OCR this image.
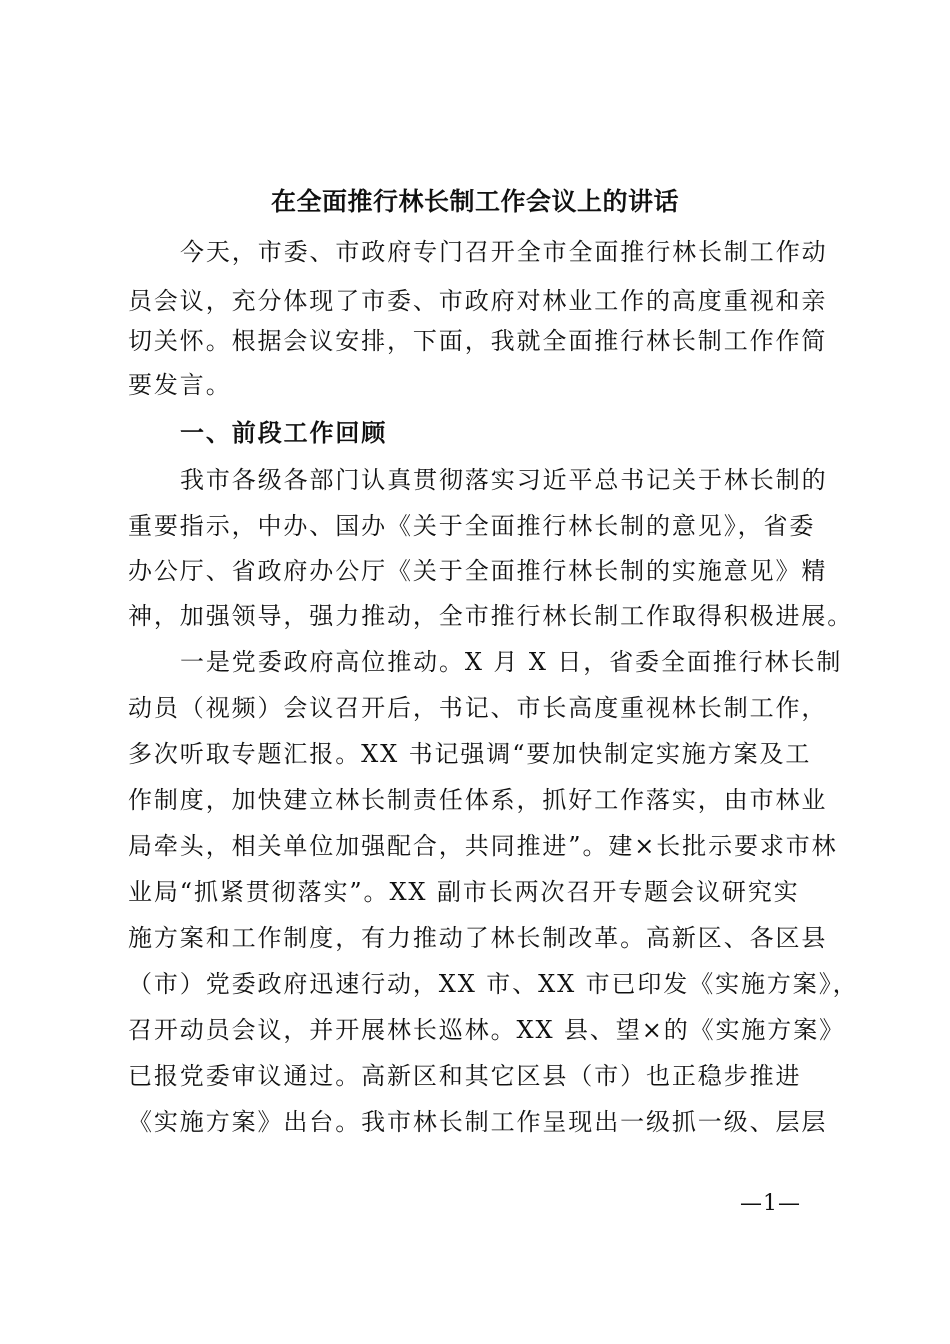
在全面推行林长制工作会议上的讲话
今天，市委、市政府专门召开全市全面推行林长制工作动
员会议，充分体现了市委、市政府对林业工作的高度重视和亲
切关怀。根据会议安排，下面，我就全面推行林长制工作作简
要发言。
一、前段工作回顾
我市各级各部门认真贯彻落实习近平总书记关于林长制的
重要指示，中办、国办《关于全面推行林长制的意见》，省委
办公厅、省政府办公厅《关于全面推行林长制的实施意见》精
神，加强领导，强力推动，全市推行林长制工作取得积极进展。
一是党委政府高位推动。X 月 X 日，省委全面推行林长制
动员（视频）会议召开后，书记、市长高度重视林长制工作，
多次听取专题汇报。XX 书记强调“要加快制定实施方案及工
作制度，加快建立林长制责任体系，抓好工作落实，由市林业
局牵头，相关单位加强配合，共同推进”。建×长批示要求市林
业局“抓紧贯彻落实”。XX 副市长两次召开专题会议研究实
施方案和工作制度，有力推动了林长制改革。高新区、各区县
（市）党委政府迅速行动，XX 市、XX 市已印发《实施方案》，
召开动员会议，并开展林长巡林。XX 县、望×的《实施方案》
已报党委审议通过。高新区和其它区县（市）也正稳步推进
《实施方案》出台。我市林长制工作呈现出一级抓一级、层层
—1—
